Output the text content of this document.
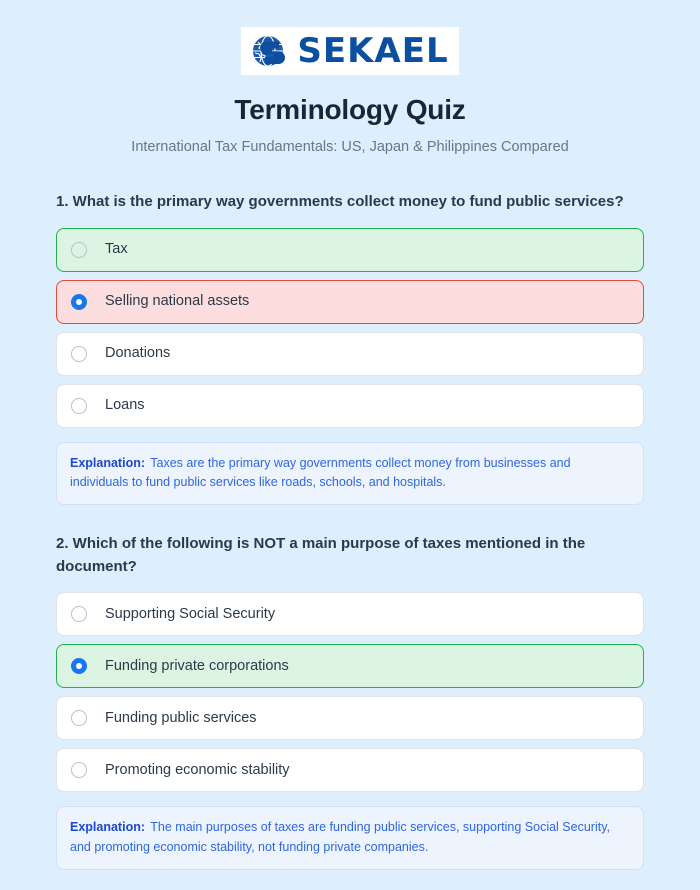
SEKAEL
Terminology Quiz

International Tax Fundamentals: US, Japan & Philippines Compared

1. What is the primary way governments collect money to fund public services?
Tax
Selling national assets
Donations
Loans
Explanation: Taxes are the primary way governments collect money from businesses and individuals to fund public services like roads, schools, and hospitals.
2. Which of the following is NOT a main purpose of taxes mentioned in the document?
Supporting Social Security
Funding private corporations
Funding public services
Promoting economic stability
Explanation: The main purposes of taxes are funding public services, supporting Social Security, and promoting economic stability, not funding private companies.
